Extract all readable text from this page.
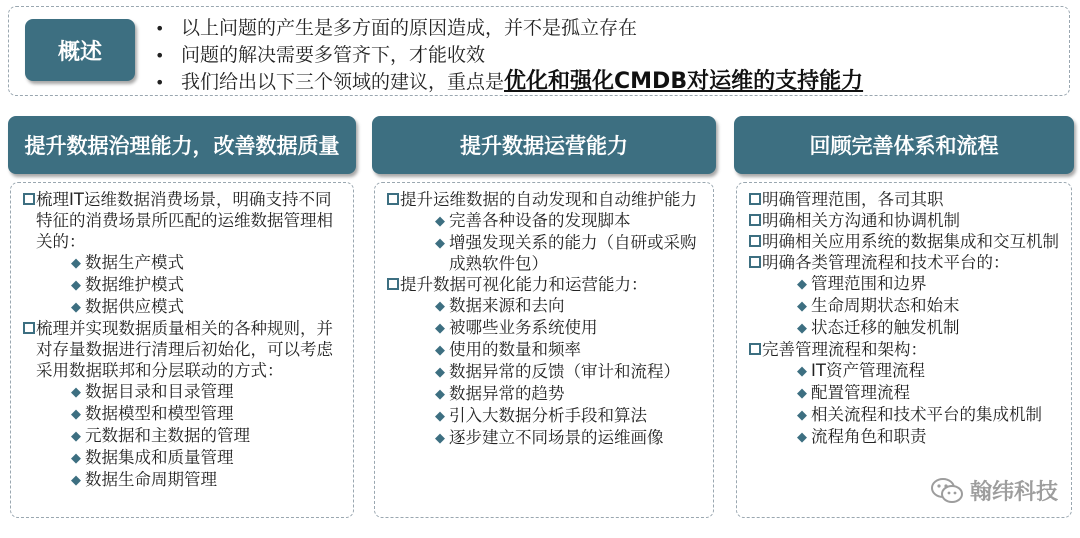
概述
• 以上问题的产生是多方面的原因造成，并不是孤立存在
• 问题的解决需要多管齐下，才能收效
• 我们给出以下三个领域的建议，重点是 优化和强化CMDB对运维的支持能力
提升数据治理能力，改善数据质量	提升数据运营能力	回顾完善体系和流程
梳理IT运维数据消费场景，明确支持不同特征的消费场景所匹配的运维数据管理相关的：
◆ 数据生产模式
◆ 数据维护模式
◆ 数据供应模式
梳理并实现数据质量相关的各种规则，并对存量数据进行清理后初始化，可以考虑采用数据联邦和分层联动的方式：
◆ 数据目录和目录管理
◆ 数据模型和模型管理
◆ 元数据和主数据的管理
◆ 数据集成和质量管理
◆ 数据生命周期管理
提升运维数据的自动发现和自动维护能力
◆ 完善各种设备的发现脚本
◆ 增强发现关系的能力（自研或采购成熟软件包）
提升数据可视化能力和运营能力：
◆ 数据来源和去向
◆ 被哪些业务系统使用
◆ 使用的数量和频率
◆ 数据异常的反馈（审计和流程）
◆ 数据异常的趋势
◆ 引入大数据分析手段和算法
◆ 逐步建立不同场景的运维画像
明确管理范围，各司其职
明确相关方沟通和协调机制
明确相关应用系统的数据集成和交互机制
明确各类管理流程和技术平台的：
◆ 管理范围和边界
◆ 生命周期状态和始末
◆ 状态迁移的触发机制
完善管理流程和架构：
◆ IT资产管理流程
◆ 配置管理流程
◆ 相关流程和技术平台的集成机制
◆ 流程角色和职责
翰纬科技
